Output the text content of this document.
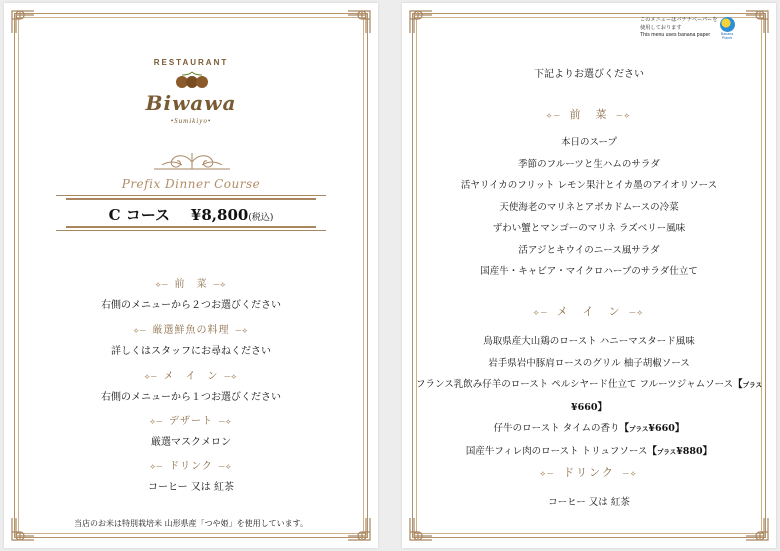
RESTAURANT
Biwawa
•Sumikiyo•
Prefix Dinner Course
C コース ¥8,800(税込)
⟡─ 前　菜 ─⟡
右側のメニューから２つお選びください
⟡─ 厳選鮮魚の料理 ─⟡
詳しくはスタッフにお尋ねください
⟡─ メ　イ　ン ─⟡
右側のメニューから１つお選びください
⟡─ デザート ─⟡
厳選マスクメロン
⟡─ ドリンク ─⟡
コーヒー 又は 紅茶
当店のお米は特別栽培米 山形県産「つや姫」を使用しています。
このメニューはバナナペーパーを
使用しております
This menu uses banana paper	Banana
Planet
下記よりお選びください
⟡─ 前　菜 ─⟡
本日のスープ
季節のフルーツと生ハムのサラダ
活ヤリイカのフリット レモン果汁とイカ墨のアイオリソース
天使海老のマリネとアボカドムースの冷菜
ずわい蟹とマンゴーのマリネ ラズベリー風味
活アジとキウイのニース風サラダ
国産牛・キャビア・マイクロハーブのサラダ仕立て
⟡─ メ　イ　ン ─⟡
鳥取県産大山鶏のロースト ハニーマスタード風味
岩手県岩中豚肩ロースのグリル 柚子胡椒ソース
フランス乳飲み仔羊のロースト ペルシヤード仕立て フルーツジャムソース【プラス¥660】
仔牛のロースト タイムの香り【プラス¥660】
国産牛フィレ肉のロースト トリュフソース【プラス¥880】
⟡─ ドリンク ─⟡
コーヒー 又は 紅茶
